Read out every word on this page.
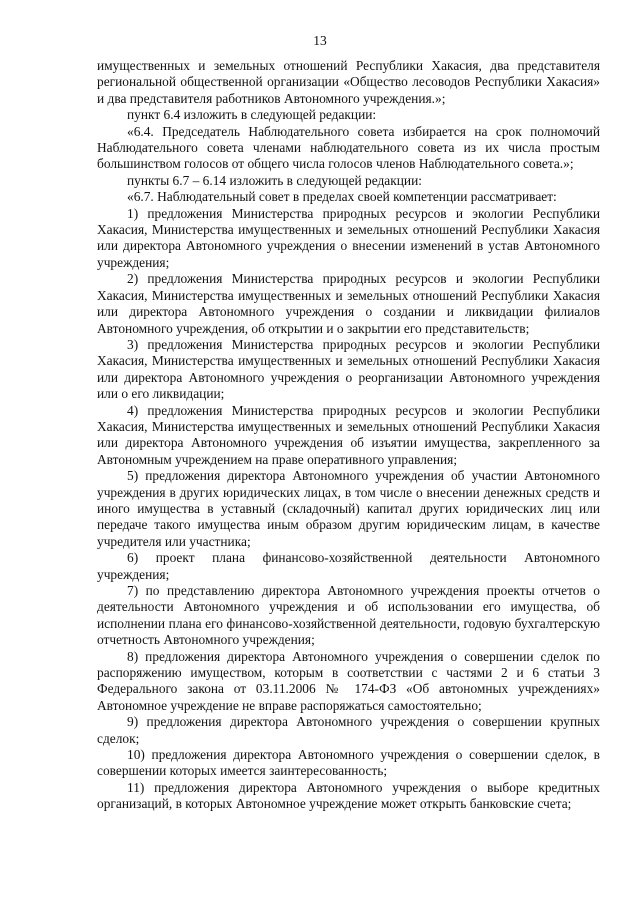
13

имущественных и земельных отношений Республики Хакасия, два представителя региональной общественной организации «Общество лесоводов Республики Хакасия» и два представителя работников Автономного учреждения.»;

пункт 6.4 изложить в следующей редакции:

«6.4. Председатель Наблюдательного совета избирается на срок полномочий Наблюдательного совета членами наблюдательного совета из их числа простым большинством голосов от общего числа голосов членов Наблюдательного совета.»;

пункты 6.7 – 6.14 изложить в следующей редакции:

«6.7. Наблюдательный совет в пределах своей компетенции рассматривает:

1) предложения Министерства природных ресурсов и экологии Республики Хакасия, Министерства имущественных и земельных отношений Республики Хакасия или директора Автономного учреждения о внесении изменений в устав Автономного учреждения;

2) предложения Министерства природных ресурсов и экологии Республики Хакасия, Министерства имущественных и земельных отношений Республики Хакасия или директора Автономного учреждения о создании и ликвидации филиалов Автономного учреждения, об открытии и о закрытии его представительств;

3) предложения Министерства природных ресурсов и экологии Республики Хакасия, Министерства имущественных и земельных отношений Республики Хакасия или директора Автономного учреждения о реорганизации Автономного учреждения или о его ликвидации;

4) предложения Министерства природных ресурсов и экологии Республики Хакасия, Министерства имущественных и земельных отношений Республики Хакасия или директора Автономного учреждения об изъятии имущества, закрепленного за Автономным учреждением на праве оперативного управления;

5) предложения директора Автономного учреждения об участии Автономного учреждения в других юридических лицах, в том числе о внесении денежных средств и иного имущества в уставный (складочный) капитал других юридических лиц или передаче такого имущества иным образом другим юридическим лицам, в качестве учредителя или участника;

6) проект плана финансово-хозяйственной деятельности Автономного учреждения;

7) по представлению директора Автономного учреждения проекты отчетов о деятельности Автономного учреждения и об использовании его имущества, об исполнении плана его финансово-хозяйственной деятельности, годовую бухгалтерскую отчетность Автономного учреждения;

8) предложения директора Автономного учреждения о совершении сделок по распоряжению имуществом, которым в соответствии с частями 2 и 6 статьи 3 Федерального закона от 03.11.2006 № 174-ФЗ «Об автономных учреждениях» Автономное учреждение не вправе распоряжаться самостоятельно;

9) предложения директора Автономного учреждения о совершении крупных сделок;

10) предложения директора Автономного учреждения о совершении сделок, в совершении которых имеется заинтересованность;

11) предложения директора Автономного учреждения о выборе кредитных организаций, в которых Автономное учреждение может открыть банковские счета;
